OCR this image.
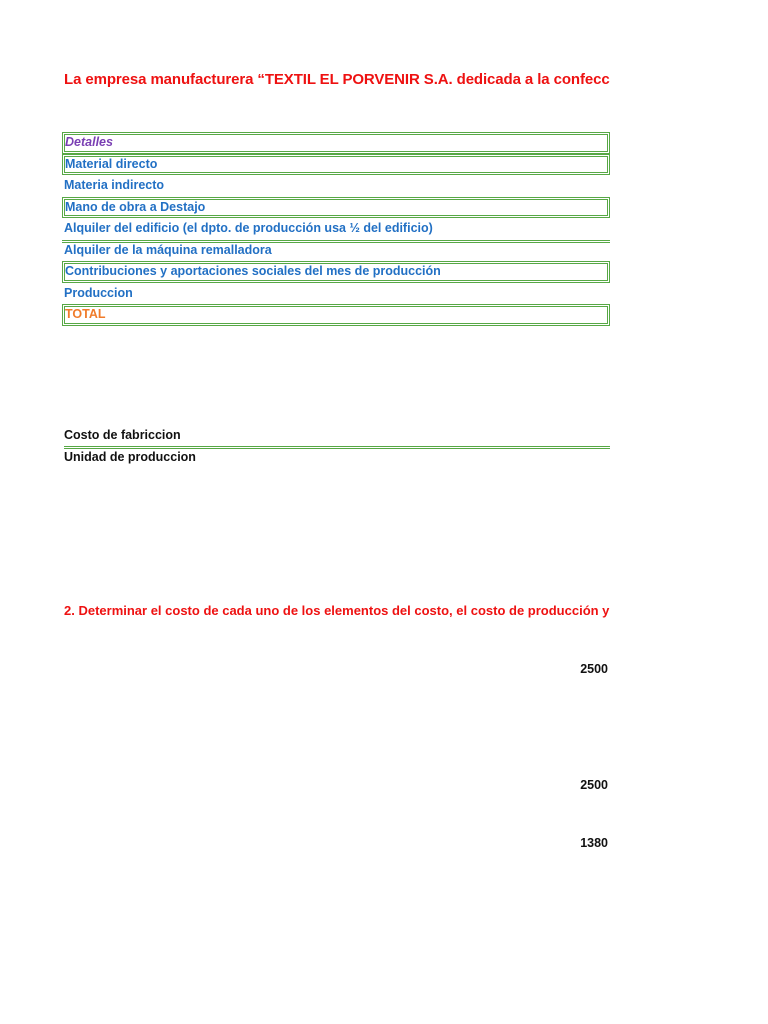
La empresa manufacturera “TEXTIL EL PORVENIR S.A. dedicada a la confecc
Detalles
Material directo
Materia indirecto
Mano de obra a Destajo
Alquiler del edificio (el dpto. de producción usa ½ del edificio)
Alquiler de la máquina remalladora
Contribuciones y aportaciones sociales del mes de producción
Produccion
TOTAL
Costo de fabriccion
Unidad de produccion
2. Determinar el costo de cada uno de los elementos del costo, el costo de producción y
2500
2500
1380
